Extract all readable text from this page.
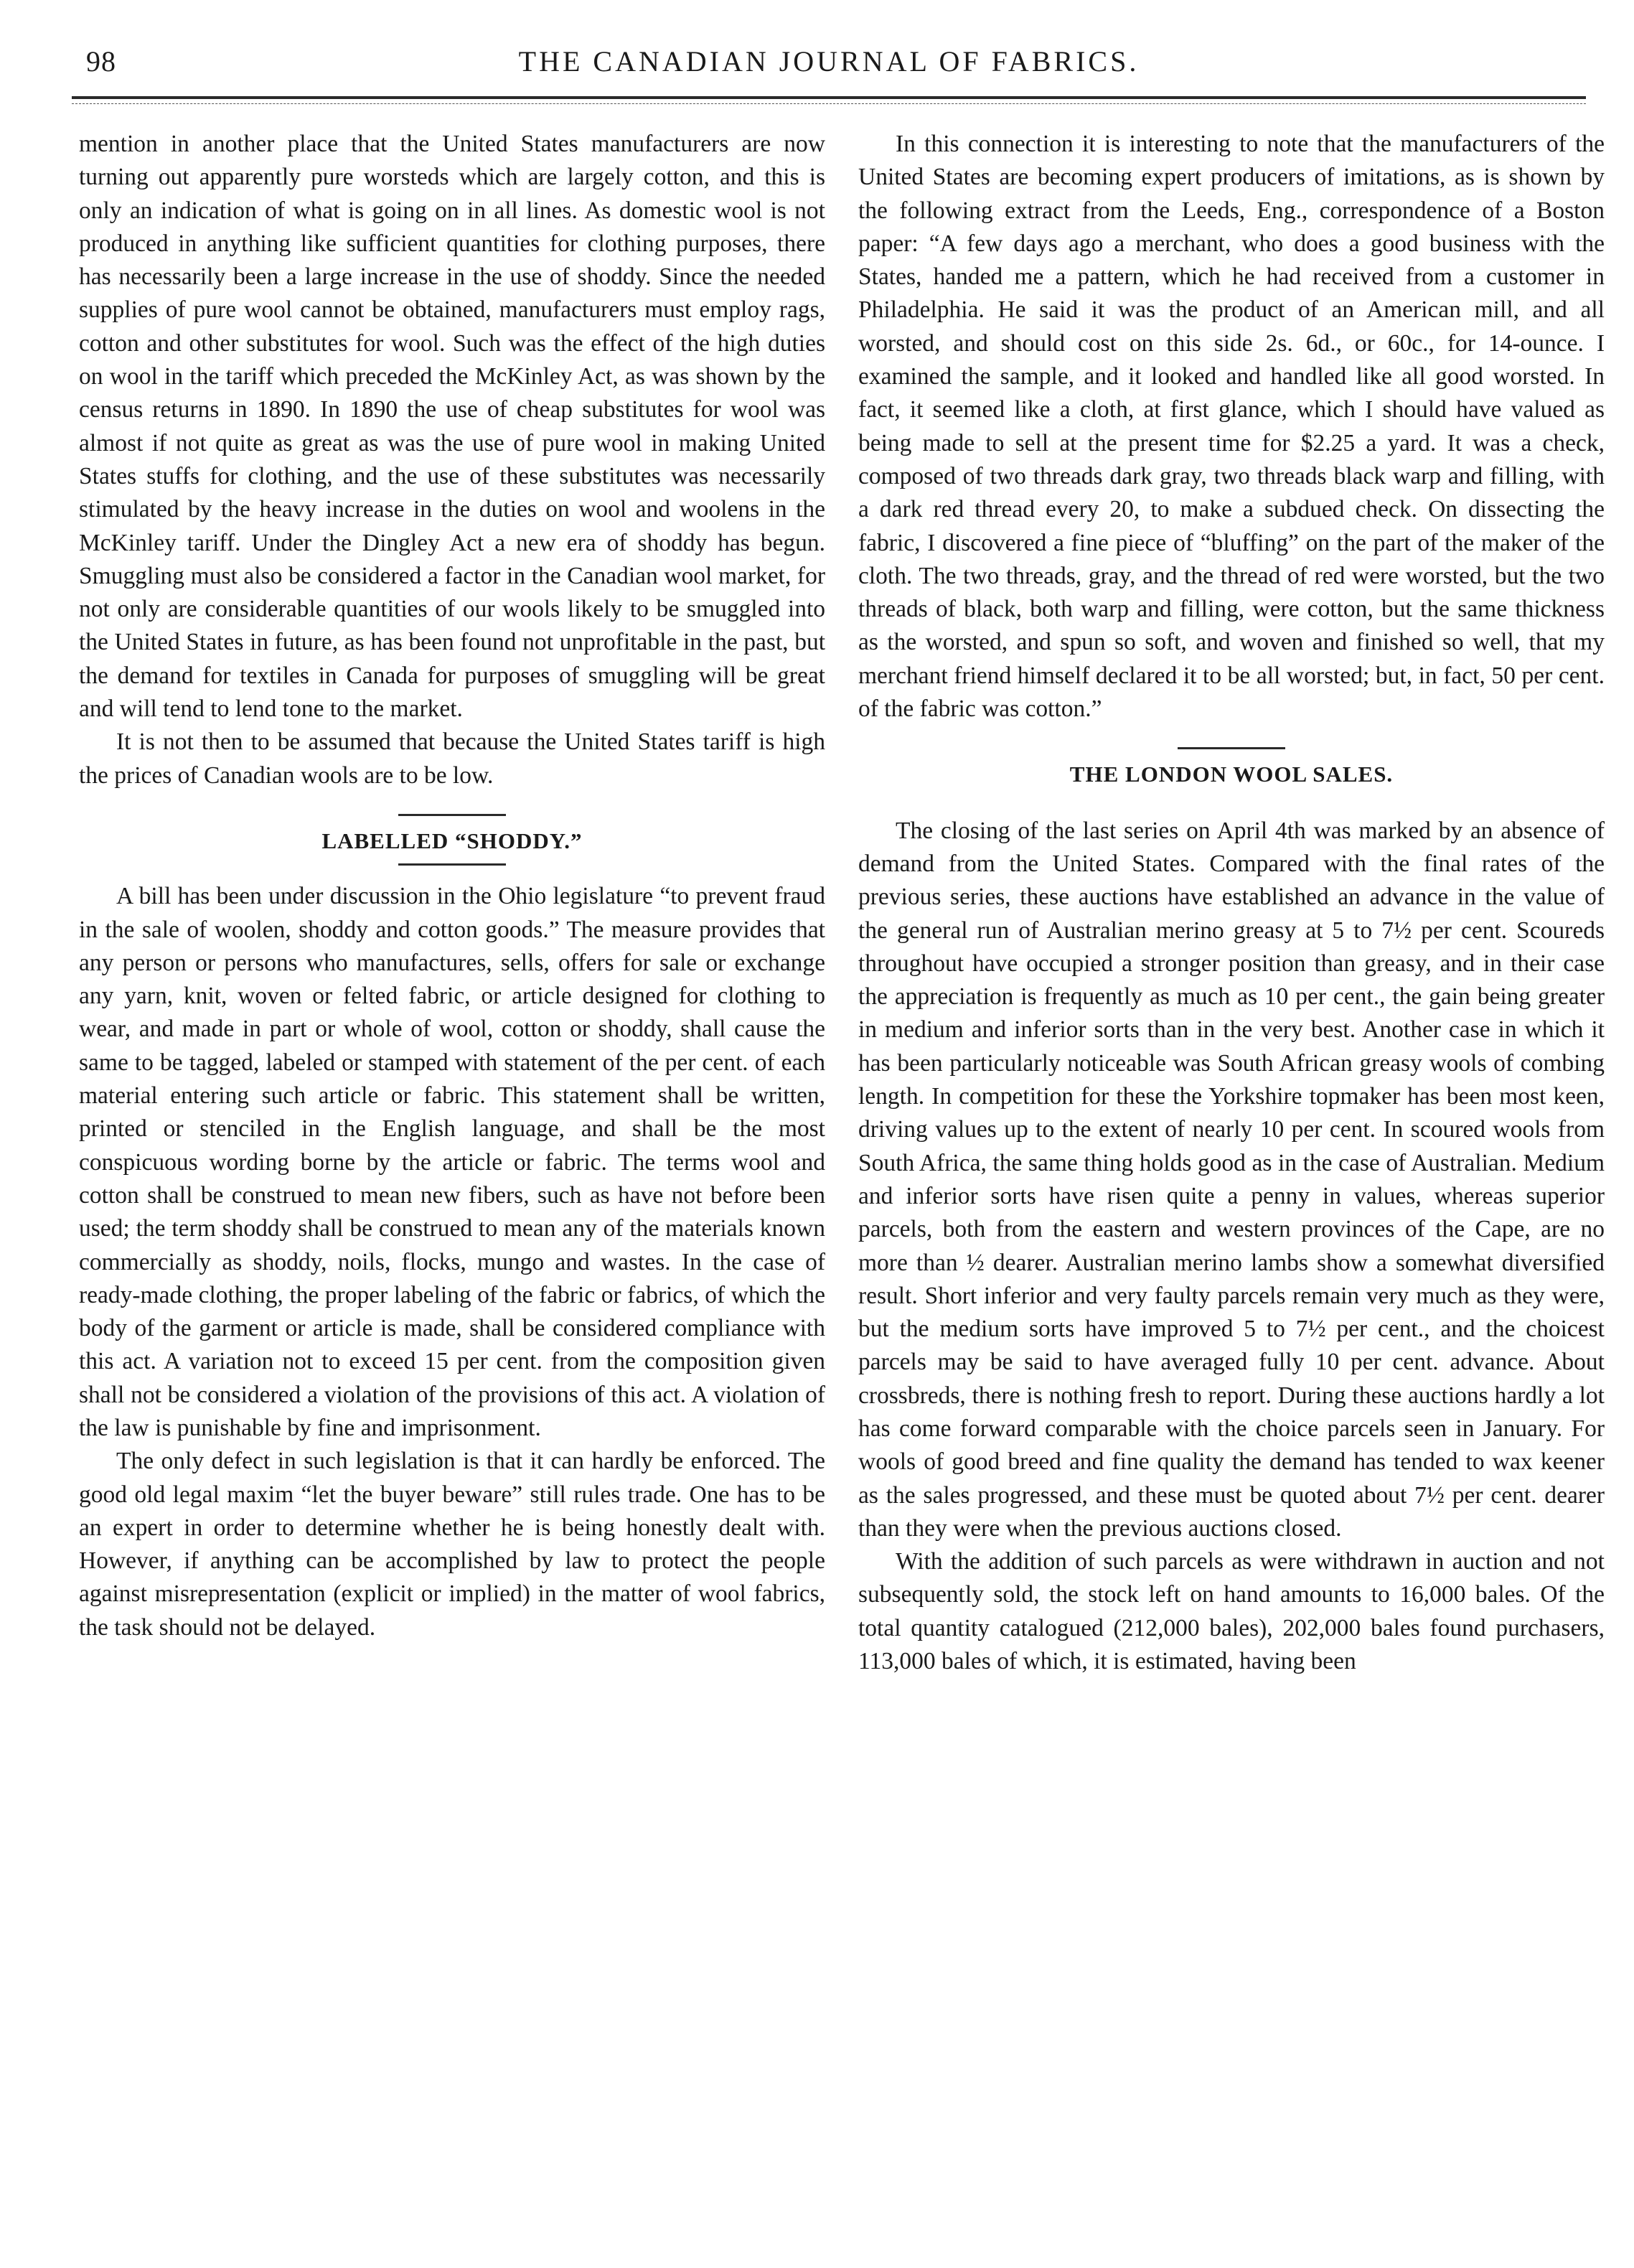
98	THE CANADIAN JOURNAL OF FABRICS.

mention in another place that the United States manufacturers are now turning out apparently pure worsteds which are largely cotton, and this is only an indication of what is going on in all lines. As domestic wool is not produced in anything like sufficient quantities for clothing purposes, there has necessarily been a large increase in the use of shoddy. Since the needed supplies of pure wool cannot be obtained, manufacturers must employ rags, cotton and other substitutes for wool. Such was the effect of the high duties on wool in the tariff which preceded the McKinley Act, as was shown by the census returns in 1890. In 1890 the use of cheap substitutes for wool was almost if not quite as great as was the use of pure wool in making United States stuffs for clothing, and the use of these substitutes was necessarily stimulated by the heavy increase in the duties on wool and woolens in the McKinley tariff. Under the Dingley Act a new era of shoddy has begun. Smuggling must also be considered a factor in the Canadian wool market, for not only are considerable quantities of our wools likely to be smuggled into the United States in future, as has been found not unprofitable in the past, but the demand for textiles in Canada for purposes of smuggling will be great and will tend to lend tone to the market.

It is not then to be assumed that because the United States tariff is high the prices of Canadian wools are to be low.

LABELLED “SHODDY.”

A bill has been under discussion in the Ohio legislature “to prevent fraud in the sale of woolen, shoddy and cotton goods.” The measure provides that any person or persons who manufactures, sells, offers for sale or exchange any yarn, knit, woven or felted fabric, or article designed for clothing to wear, and made in part or whole of wool, cotton or shoddy, shall cause the same to be tagged, labeled or stamped with statement of the per cent. of each material entering such article or fabric. This statement shall be written, printed or stenciled in the English language, and shall be the most conspicuous wording borne by the article or fabric. The terms wool and cotton shall be construed to mean new fibers, such as have not before been used; the term shoddy shall be construed to mean any of the materials known commercially as shoddy, noils, flocks, mungo and wastes. In the case of ready-made clothing, the proper labeling of the fabric or fabrics, of which the body of the garment or article is made, shall be considered compliance with this act. A variation not to exceed 15 per cent. from the composition given shall not be considered a violation of the provisions of this act. A violation of the law is punishable by fine and imprisonment.

The only defect in such legislation is that it can hardly be enforced. The good old legal maxim “let the buyer beware” still rules trade. One has to be an expert in order to determine whether he is being honestly dealt with. However, if anything can be accomplished by law to protect the people against misrepresentation (explicit or implied) in the matter of wool fabrics, the task should not be delayed.

In this connection it is interesting to note that the manufacturers of the United States are becoming expert producers of imitations, as is shown by the following extract from the Leeds, Eng., correspondence of a Boston paper: “A few days ago a merchant, who does a good business with the States, handed me a pattern, which he had received from a customer in Philadelphia. He said it was the product of an American mill, and all worsted, and should cost on this side 2s. 6d., or 60c., for 14-ounce. I examined the sample, and it looked and handled like all good worsted. In fact, it seemed like a cloth, at first glance, which I should have valued as being made to sell at the present time for $2.25 a yard. It was a check, composed of two threads dark gray, two threads black warp and filling, with a dark red thread every 20, to make a subdued check. On dissecting the fabric, I discovered a fine piece of “bluffing” on the part of the maker of the cloth. The two threads, gray, and the thread of red were worsted, but the two threads of black, both warp and filling, were cotton, but the same thickness as the worsted, and spun so soft, and woven and finished so well, that my merchant friend himself declared it to be all worsted; but, in fact, 50 per cent. of the fabric was cotton.”

THE LONDON WOOL SALES.

The closing of the last series on April 4th was marked by an absence of demand from the United States. Compared with the final rates of the previous series, these auctions have established an advance in the value of the general run of Australian merino greasy at 5 to 7½ per cent. Scoureds throughout have occupied a stronger position than greasy, and in their case the appreciation is frequently as much as 10 per cent., the gain being greater in medium and inferior sorts than in the very best. Another case in which it has been particularly noticeable was South African greasy wools of combing length. In competition for these the Yorkshire topmaker has been most keen, driving values up to the extent of nearly 10 per cent. In scoured wools from South Africa, the same thing holds good as in the case of Australian. Medium and inferior sorts have risen quite a penny in values, whereas superior parcels, both from the eastern and western provinces of the Cape, are no more than ½ dearer. Australian merino lambs show a somewhat diversified result. Short inferior and very faulty parcels remain very much as they were, but the medium sorts have improved 5 to 7½ per cent., and the choicest parcels may be said to have averaged fully 10 per cent. advance. About crossbreds, there is nothing fresh to report. During these auctions hardly a lot has come forward comparable with the choice parcels seen in January. For wools of good breed and fine quality the demand has tended to wax keener as the sales progressed, and these must be quoted about 7½ per cent. dearer than they were when the previous auctions closed.

With the addition of such parcels as were withdrawn in auction and not subsequently sold, the stock left on hand amounts to 16,000 bales. Of the total quantity catalogued (212,000 bales), 202,000 bales found purchasers, 113,000 bales of which, it is estimated, having been
